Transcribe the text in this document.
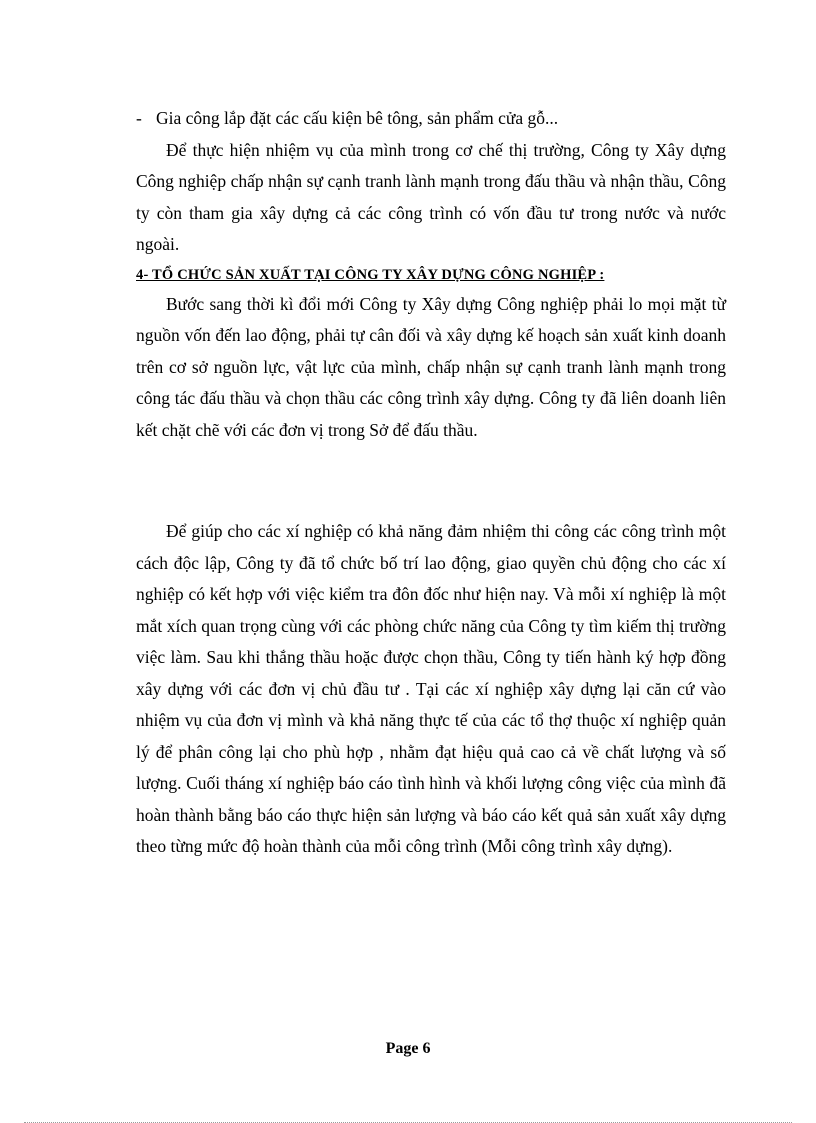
- Gia công lắp đặt các cấu kiện bê tông, sản phẩm cửa gỗ...

Để thực hiện nhiệm vụ của mình trong cơ chế thị trường, Công ty Xây dựng Công nghiệp chấp nhận sự cạnh tranh lành mạnh trong đấu thầu và nhận thầu, Công ty còn tham gia xây dựng cả các công trình có vốn đầu tư trong nước và nước ngoài.

4- TỔ CHỨC SẢN XUẤT TẠI CÔNG TY XÂY DỰNG CÔNG NGHIỆP :

Bước sang thời kì đổi mới Công ty Xây dựng Công nghiệp phải lo mọi mặt từ nguồn vốn đến lao động, phải tự cân đối và xây dựng kế hoạch sản xuất kinh doanh trên cơ sở nguồn lực, vật lực của mình, chấp nhận sự cạnh tranh lành mạnh trong công tác đấu thầu và chọn thầu các công trình xây dựng. Công ty đã liên doanh liên kết chặt chẽ với các đơn vị trong Sở để đấu thầu.

Để giúp cho các xí nghiệp có khả năng đảm nhiệm thi công các công trình một cách độc lập, Công ty đã tổ chức bố trí lao động, giao quyền chủ động cho các xí nghiệp có kết hợp với việc kiểm tra đôn đốc như hiện nay. Và mỗi xí nghiệp là một mắt xích quan trọng cùng với các phòng chức năng của Công ty tìm kiếm thị trường việc làm. Sau khi thắng thầu hoặc được chọn thầu, Công ty tiến hành ký hợp đồng xây dựng với các đơn vị chủ đầu tư . Tại các xí nghiệp xây dựng lại căn cứ vào nhiệm vụ của đơn vị mình và khả năng thực tế của các tổ thợ thuộc xí nghiệp quản lý để phân công lại cho phù hợp , nhằm đạt hiệu quả cao cả về chất lượng và số lượng. Cuối tháng xí nghiệp báo cáo tình hình và khối lượng công việc của mình đã hoàn thành bằng báo cáo thực hiện sản lượng và báo cáo kết quả sản xuất xây dựng theo từng mức độ hoàn thành của mỗi công trình (Mỗi công trình xây dựng).

Page 6
